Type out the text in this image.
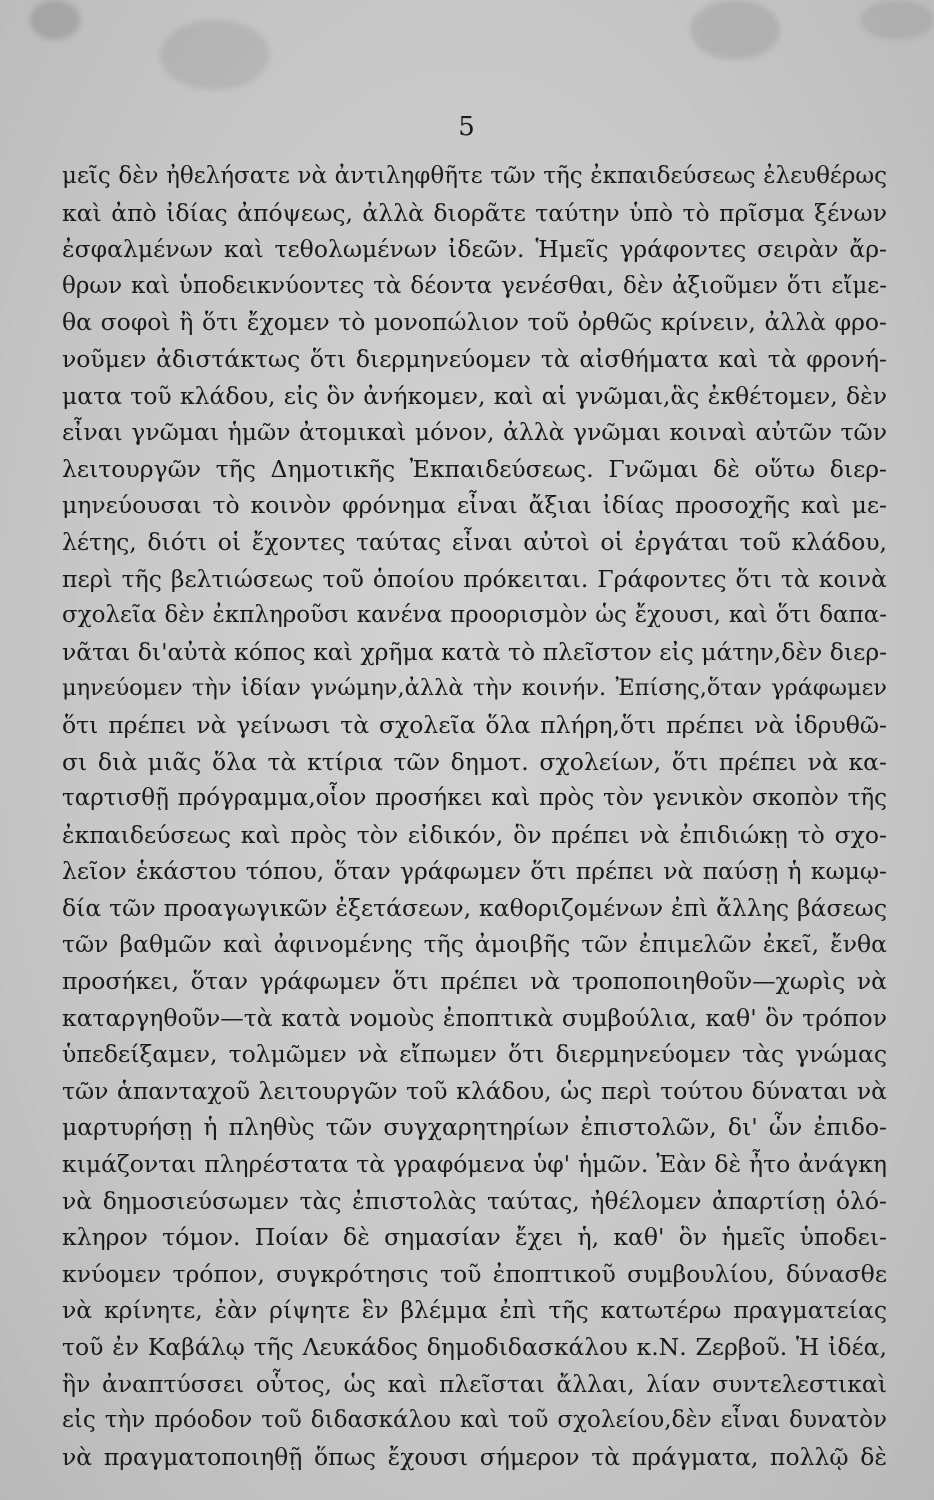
5
μεῖς δὲν ἠθελήσατε νὰ ἀντιληφθῆτε τῶν τῆς ἐκπαιδεύσεως ἐλευθέρως
καὶ ἀπὸ ἰδίας ἀπόψεως, ἀλλὰ διορᾶτε ταύτην ὑπὸ τὸ πρῖσμα ξένων
ἐσφαλμένων καὶ τεθολωμένων ἰδεῶν. Ἡμεῖς γράφοντες σειρὰν ἄρ-
θρων καὶ ὑποδεικνύοντες τὰ δέοντα γενέσθαι, δὲν ἀξιοῦμεν ὅτι εἴμε-
θα σοφοὶ ἢ ὅτι ἔχομεν τὸ μονοπώλιον τοῦ ὀρθῶς κρίνειν, ἀλλὰ φρο-
νοῦμεν ἀδιστάκτως ὅτι διερμηνεύομεν τὰ αἰσθήματα καὶ τὰ φρονή-
ματα τοῦ κλάδου, εἰς ὃν ἀνήκομεν, καὶ αἱ γνῶμαι,ἃς ἐκθέτομεν, δὲν
εἶναι γνῶμαι ἡμῶν ἀτομικαὶ μόνον, ἀλλὰ γνῶμαι κοιναὶ αὐτῶν τῶν
λειτουργῶν τῆς Δημοτικῆς Ἐκπαιδεύσεως. Γνῶμαι δὲ οὕτω διερ-
μηνεύουσαι τὸ κοινὸν φρόνημα εἶναι ἄξιαι ἰδίας προσοχῆς καὶ με-
λέτης, διότι οἱ ἔχοντες ταύτας εἶναι αὐτοὶ οἱ ἐργάται τοῦ κλάδου,
περὶ τῆς βελτιώσεως τοῦ ὁποίου πρόκειται. Γράφοντες ὅτι τὰ κοινὰ
σχολεῖα δὲν ἐκπληροῦσι κανένα προορισμὸν ὡς ἔχουσι, καὶ ὅτι δαπα-
νᾶται δι'αὐτὰ κόπος καὶ χρῆμα κατὰ τὸ πλεῖστον εἰς μάτην,δὲν διερ-
μηνεύομεν τὴν ἰδίαν γνώμην,ἀλλὰ τὴν κοινήν. Ἐπίσης,ὅταν γράφωμεν
ὅτι πρέπει νὰ γείνωσι τὰ σχολεῖα ὅλα πλήρη,ὅτι πρέπει νὰ ἱδρυθῶ-
σι διὰ μιᾶς ὅλα τὰ κτίρια τῶν δημοτ. σχολείων, ὅτι πρέπει νὰ κα-
ταρτισθῇ πρόγραμμα,οἷον προσήκει καὶ πρὸς τὸν γενικὸν σκοπὸν τῆς
ἐκπαιδεύσεως καὶ πρὸς τὸν εἰδικόν, ὃν πρέπει νὰ ἐπιδιώκῃ τὸ σχο-
λεῖον ἑκάστου τόπου, ὅταν γράφωμεν ὅτι πρέπει νὰ παύσῃ ἡ κωμῳ-
δία τῶν προαγωγικῶν ἐξετάσεων, καθοριζομένων ἐπὶ ἄλλης βάσεως
τῶν βαθμῶν καὶ ἀφινομένης τῆς ἀμοιβῆς τῶν ἐπιμελῶν ἐκεῖ, ἔνθα
προσήκει, ὅταν γράφωμεν ὅτι πρέπει νὰ τροποποιηθοῦν—χωρὶς νὰ
καταργηθοῦν—τὰ κατὰ νομοὺς ἐποπτικὰ συμβούλια, καθ' ὃν τρόπον
ὑπεδείξαμεν, τολμῶμεν νὰ εἴπωμεν ὅτι διερμηνεύομεν τὰς γνώμας
τῶν ἁπανταχοῦ λειτουργῶν τοῦ κλάδου, ὡς περὶ τούτου δύναται νὰ
μαρτυρήσῃ ἡ πληθὺς τῶν συγχαρητηρίων ἐπιστολῶν, δι' ὧν ἐπιδο-
κιμάζονται πληρέστατα τὰ γραφόμενα ὑφ' ἡμῶν. Ἐὰν δὲ ἦτο ἀνάγκη
νὰ δημοσιεύσωμεν τὰς ἐπιστολὰς ταύτας, ἠθέλομεν ἀπαρτίσῃ ὁλό-
κληρον τόμον. Ποίαν δὲ σημασίαν ἔχει ἡ, καθ' ὃν ἡμεῖς ὑποδει-
κνύομεν τρόπον, συγκρότησις τοῦ ἐποπτικοῦ συμβουλίου, δύνασθε
νὰ κρίνητε, ἐὰν ρίψητε ἓν βλέμμα ἐπὶ τῆς κατωτέρω πραγματείας
τοῦ ἐν Καβάλῳ τῆς Λευκάδος δημοδιδασκάλου κ.Ν. Ζερβοῦ. Ἡ ἰδέα,
ἣν ἀναπτύσσει οὗτος, ὡς καὶ πλεῖσται ἄλλαι, λίαν συντελεστικαὶ
εἰς τὴν πρόοδον τοῦ διδασκάλου καὶ τοῦ σχολείου,δὲν εἶναι δυνατὸν
νὰ πραγματοποιηθῇ ὅπως ἔχουσι σήμερον τὰ πράγματα, πολλῷ δὲ
